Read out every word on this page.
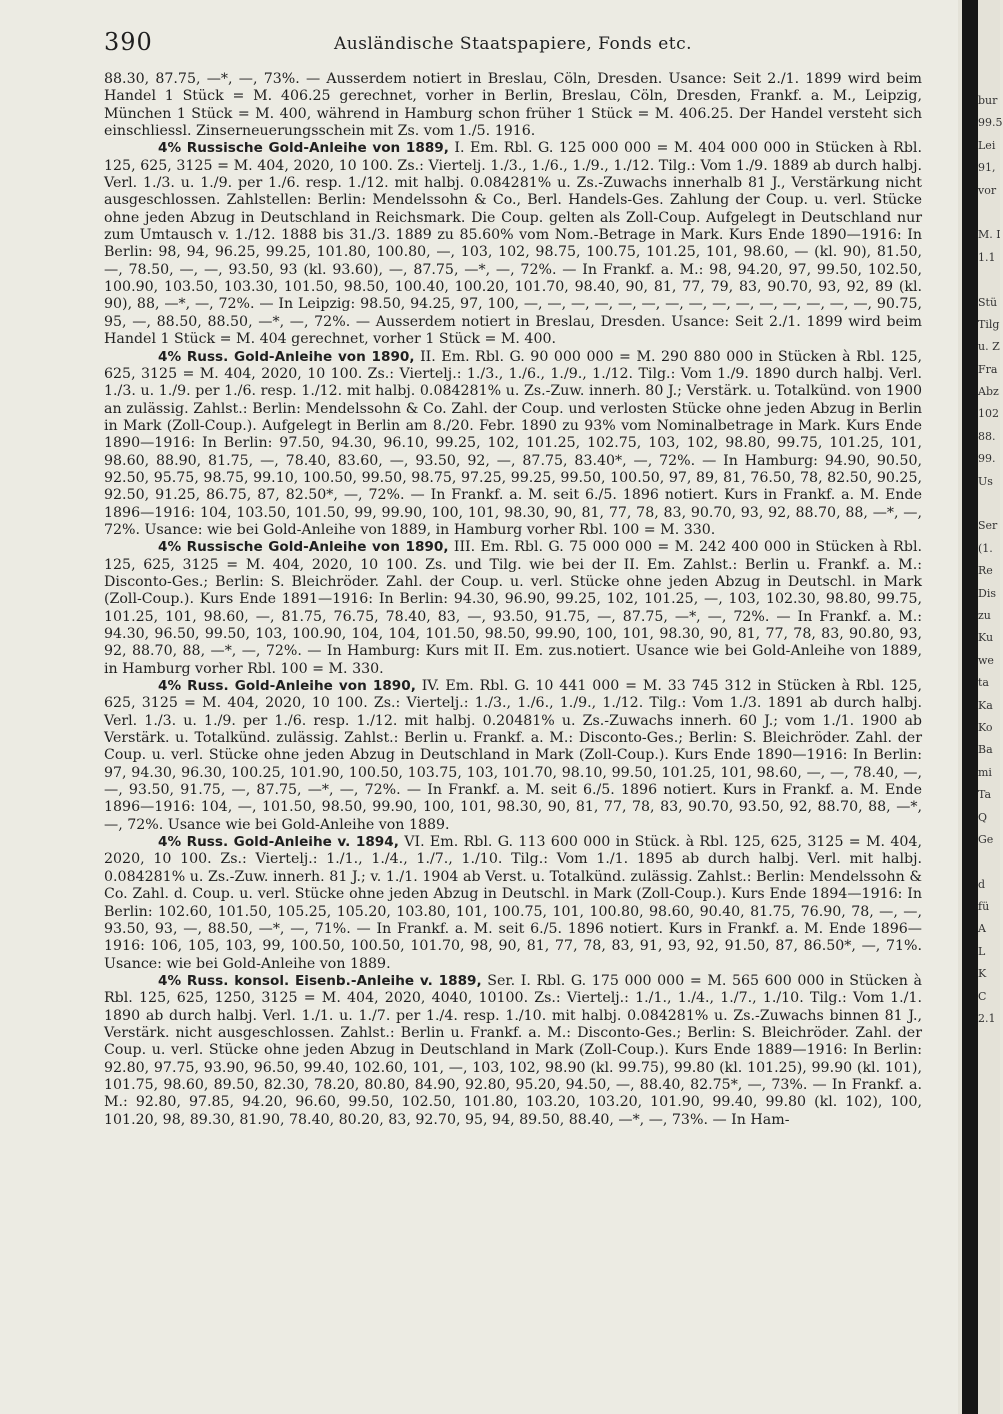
390	Ausländische Staatspapiere, Fonds etc.

88.30, 87.75, —*, —, 73%. — Ausserdem notiert in Breslau, Cöln, Dresden. Usance: Seit 2./1. 1899 wird beim Handel 1 Stück = M. 406.25 gerechnet, vorher in Berlin, Breslau, Cöln, Dresden, Frankf. a. M., Leipzig, München 1 Stück = M. 400, während in Hamburg schon früher 1 Stück = M. 406.25. Der Handel versteht sich einschliessl. Zinserneuerungsschein mit Zs. vom 1./5. 1916.

4% Russische Gold-Anleihe von 1889, I. Em. Rbl. G. 125 000 000 = M. 404 000 000 in Stücken à Rbl. 125, 625, 3125 = M. 404, 2020, 10 100. Zs.: Viertelj. 1./3., 1./6., 1./9., 1./12. Tilg.: Vom 1./9. 1889 ab durch halbj. Verl. 1./3. u. 1./9. per 1./6. resp. 1./12. mit halbj. 0.084281% u. Zs.-Zuwachs innerhalb 81 J., Verstärkung nicht ausgeschlossen. Zahlstellen: Berlin: Mendelssohn & Co., Berl. Handels-Ges. Zahlung der Coup. u. verl. Stücke ohne jeden Abzug in Deutschland in Reichsmark. Die Coup. gelten als Zoll-Coup. Aufgelegt in Deutschland nur zum Umtausch v. 1./12. 1888 bis 31./3. 1889 zu 85.60% vom Nom.-Betrage in Mark. Kurs Ende 1890—1916: In Berlin: 98, 94, 96.25, 99.25, 101.80, 100.80, —, 103, 102, 98.75, 100.75, 101.25, 101, 98.60, — (kl. 90), 81.50, —, 78.50, —, —, 93.50, 93 (kl. 93.60), —, 87.75, —*, —, 72%. — In Frankf. a. M.: 98, 94.20, 97, 99.50, 102.50, 100.90, 103.50, 103.30, 101.50, 98.50, 100.40, 100.20, 101.70, 98.40, 90, 81, 77, 79, 83, 90.70, 93, 92, 89 (kl. 90), 88, —*, —, 72%. — In Leipzig: 98.50, 94.25, 97, 100, —, —, —, —, —, —, —, —, —, —, —, —, —, —, —, 90.75, 95, —, 88.50, 88.50, —*, —, 72%. — Ausserdem notiert in Breslau, Dresden. Usance: Seit 2./1. 1899 wird beim Handel 1 Stück = M. 404 gerechnet, vorher 1 Stück = M. 400.

4% Russ. Gold-Anleihe von 1890, II. Em. Rbl. G. 90 000 000 = M. 290 880 000 in Stücken à Rbl. 125, 625, 3125 = M. 404, 2020, 10 100. Zs.: Viertelj.: 1./3., 1./6., 1./9., 1./12. Tilg.: Vom 1./9. 1890 durch halbj. Verl. 1./3. u. 1./9. per 1./6. resp. 1./12. mit halbj. 0.084281% u. Zs.-Zuw. innerh. 80 J.; Verstärk. u. Totalkünd. von 1900 an zulässig. Zahlst.: Berlin: Mendelssohn & Co. Zahl. der Coup. und verlosten Stücke ohne jeden Abzug in Berlin in Mark (Zoll-Coup.). Aufgelegt in Berlin am 8./20. Febr. 1890 zu 93% vom Nominalbetrage in Mark. Kurs Ende 1890—1916: In Berlin: 97.50, 94.30, 96.10, 99.25, 102, 101.25, 102.75, 103, 102, 98.80, 99.75, 101.25, 101, 98.60, 88.90, 81.75, —, 78.40, 83.60, —, 93.50, 92, —, 87.75, 83.40*, —, 72%. — In Hamburg: 94.90, 90.50, 92.50, 95.75, 98.75, 99.10, 100.50, 99.50, 98.75, 97.25, 99.25, 99.50, 100.50, 97, 89, 81, 76.50, 78, 82.50, 90.25, 92.50, 91.25, 86.75, 87, 82.50*, —, 72%. — In Frankf. a. M. seit 6./5. 1896 notiert. Kurs in Frankf. a. M. Ende 1896—1916: 104, 103.50, 101.50, 99, 99.90, 100, 101, 98.30, 90, 81, 77, 78, 83, 90.70, 93, 92, 88.70, 88, —*, —, 72%. Usance: wie bei Gold-Anleihe von 1889, in Hamburg vorher Rbl. 100 = M. 330.

4% Russische Gold-Anleihe von 1890, III. Em. Rbl. G. 75 000 000 = M. 242 400 000 in Stücken à Rbl. 125, 625, 3125 = M. 404, 2020, 10 100. Zs. und Tilg. wie bei der II. Em. Zahlst.: Berlin u. Frankf. a. M.: Disconto-Ges.; Berlin: S. Bleichröder. Zahl. der Coup. u. verl. Stücke ohne jeden Abzug in Deutschl. in Mark (Zoll-Coup.). Kurs Ende 1891—1916: In Berlin: 94.30, 96.90, 99.25, 102, 101.25, —, 103, 102.30, 98.80, 99.75, 101.25, 101, 98.60, —, 81.75, 76.75, 78.40, 83, —, 93.50, 91.75, —, 87.75, —*, —, 72%. — In Frankf. a. M.: 94.30, 96.50, 99.50, 103, 100.90, 104, 104, 101.50, 98.50, 99.90, 100, 101, 98.30, 90, 81, 77, 78, 83, 90.80, 93, 92, 88.70, 88, —*, —, 72%. — In Hamburg: Kurs mit II. Em. zus.notiert. Usance wie bei Gold-Anleihe von 1889, in Hamburg vorher Rbl. 100 = M. 330.

4% Russ. Gold-Anleihe von 1890, IV. Em. Rbl. G. 10 441 000 = M. 33 745 312 in Stücken à Rbl. 125, 625, 3125 = M. 404, 2020, 10 100. Zs.: Viertelj.: 1./3., 1./6., 1./9., 1./12. Tilg.: Vom 1./3. 1891 ab durch halbj. Verl. 1./3. u. 1./9. per 1./6. resp. 1./12. mit halbj. 0.20481% u. Zs.-Zuwachs innerh. 60 J.; vom 1./1. 1900 ab Verstärk. u. Totalkünd. zulässig. Zahlst.: Berlin u. Frankf. a. M.: Disconto-Ges.; Berlin: S. Bleichröder. Zahl. der Coup. u. verl. Stücke ohne jeden Abzug in Deutschland in Mark (Zoll-Coup.). Kurs Ende 1890—1916: In Berlin: 97, 94.30, 96.30, 100.25, 101.90, 100.50, 103.75, 103, 101.70, 98.10, 99.50, 101.25, 101, 98.60, —, —, 78.40, —, —, 93.50, 91.75, —, 87.75, —*, —, 72%. — In Frankf. a. M. seit 6./5. 1896 notiert. Kurs in Frankf. a. M. Ende 1896—1916: 104, —, 101.50, 98.50, 99.90, 100, 101, 98.30, 90, 81, 77, 78, 83, 90.70, 93.50, 92, 88.70, 88, —*, —, 72%. Usance wie bei Gold-Anleihe von 1889.

4% Russ. Gold-Anleihe v. 1894, VI. Em. Rbl. G. 113 600 000 in Stück. à Rbl. 125, 625, 3125 = M. 404, 2020, 10 100. Zs.: Viertelj.: 1./1., 1./4., 1./7., 1./10. Tilg.: Vom 1./1. 1895 ab durch halbj. Verl. mit halbj. 0.084281% u. Zs.-Zuw. innerh. 81 J.; v. 1./1. 1904 ab Verst. u. Totalkünd. zulässig. Zahlst.: Berlin: Mendelssohn & Co. Zahl. d. Coup. u. verl. Stücke ohne jeden Abzug in Deutschl. in Mark (Zoll-Coup.). Kurs Ende 1894—1916: In Berlin: 102.60, 101.50, 105.25, 105.20, 103.80, 101, 100.75, 101, 100.80, 98.60, 90.40, 81.75, 76.90, 78, —, —, 93.50, 93, —, 88.50, —*, —, 71%. — In Frankf. a. M. seit 6./5. 1896 notiert. Kurs in Frankf. a. M. Ende 1896—1916: 106, 105, 103, 99, 100.50, 100.50, 101.70, 98, 90, 81, 77, 78, 83, 91, 93, 92, 91.50, 87, 86.50*, —, 71%. Usance: wie bei Gold-Anleihe von 1889.

4% Russ. konsol. Eisenb.-Anleihe v. 1889, Ser. I. Rbl. G. 175 000 000 = M. 565 600 000 in Stücken à Rbl. 125, 625, 1250, 3125 = M. 404, 2020, 4040, 10100. Zs.: Viertelj.: 1./1., 1./4., 1./7., 1./10. Tilg.: Vom 1./1. 1890 ab durch halbj. Verl. 1./1. u. 1./7. per 1./4. resp. 1./10. mit halbj. 0.084281% u. Zs.-Zuwachs binnen 81 J., Verstärk. nicht ausgeschlossen. Zahlst.: Berlin u. Frankf. a. M.: Disconto-Ges.; Berlin: S. Bleichröder. Zahl. der Coup. u. verl. Stücke ohne jeden Abzug in Deutschland in Mark (Zoll-Coup.). Kurs Ende 1889—1916: In Berlin: 92.80, 97.75, 93.90, 96.50, 99.40, 102.60, 101, —, 103, 102, 98.90 (kl. 99.75), 99.80 (kl. 101.25), 99.90 (kl. 101), 101.75, 98.60, 89.50, 82.30, 78.20, 80.80, 84.90, 92.80, 95.20, 94.50, —, 88.40, 82.75*, —, 73%. — In Frankf. a. M.: 92.80, 97.85, 94.20, 96.60, 99.50, 102.50, 101.80, 103.20, 103.20, 101.90, 99.40, 99.80 (kl. 102), 100, 101.20, 98, 89.30, 81.90, 78.40, 80.20, 83, 92.70, 95, 94, 89.50, 88.40, —*, —, 73%. — In Ham-

bur
99.5
Lei
91,
vor
M. I
1.1
Stü
Tilg
u. Z
Fra
Abz
102
88.
99.
Us
Ser
(1.
Re
Dis
zu
Ku
we
ta
Ka
Ko
Ba
mi
Ta
Q
Ge
d
fü
A
L
K
C
2.1
